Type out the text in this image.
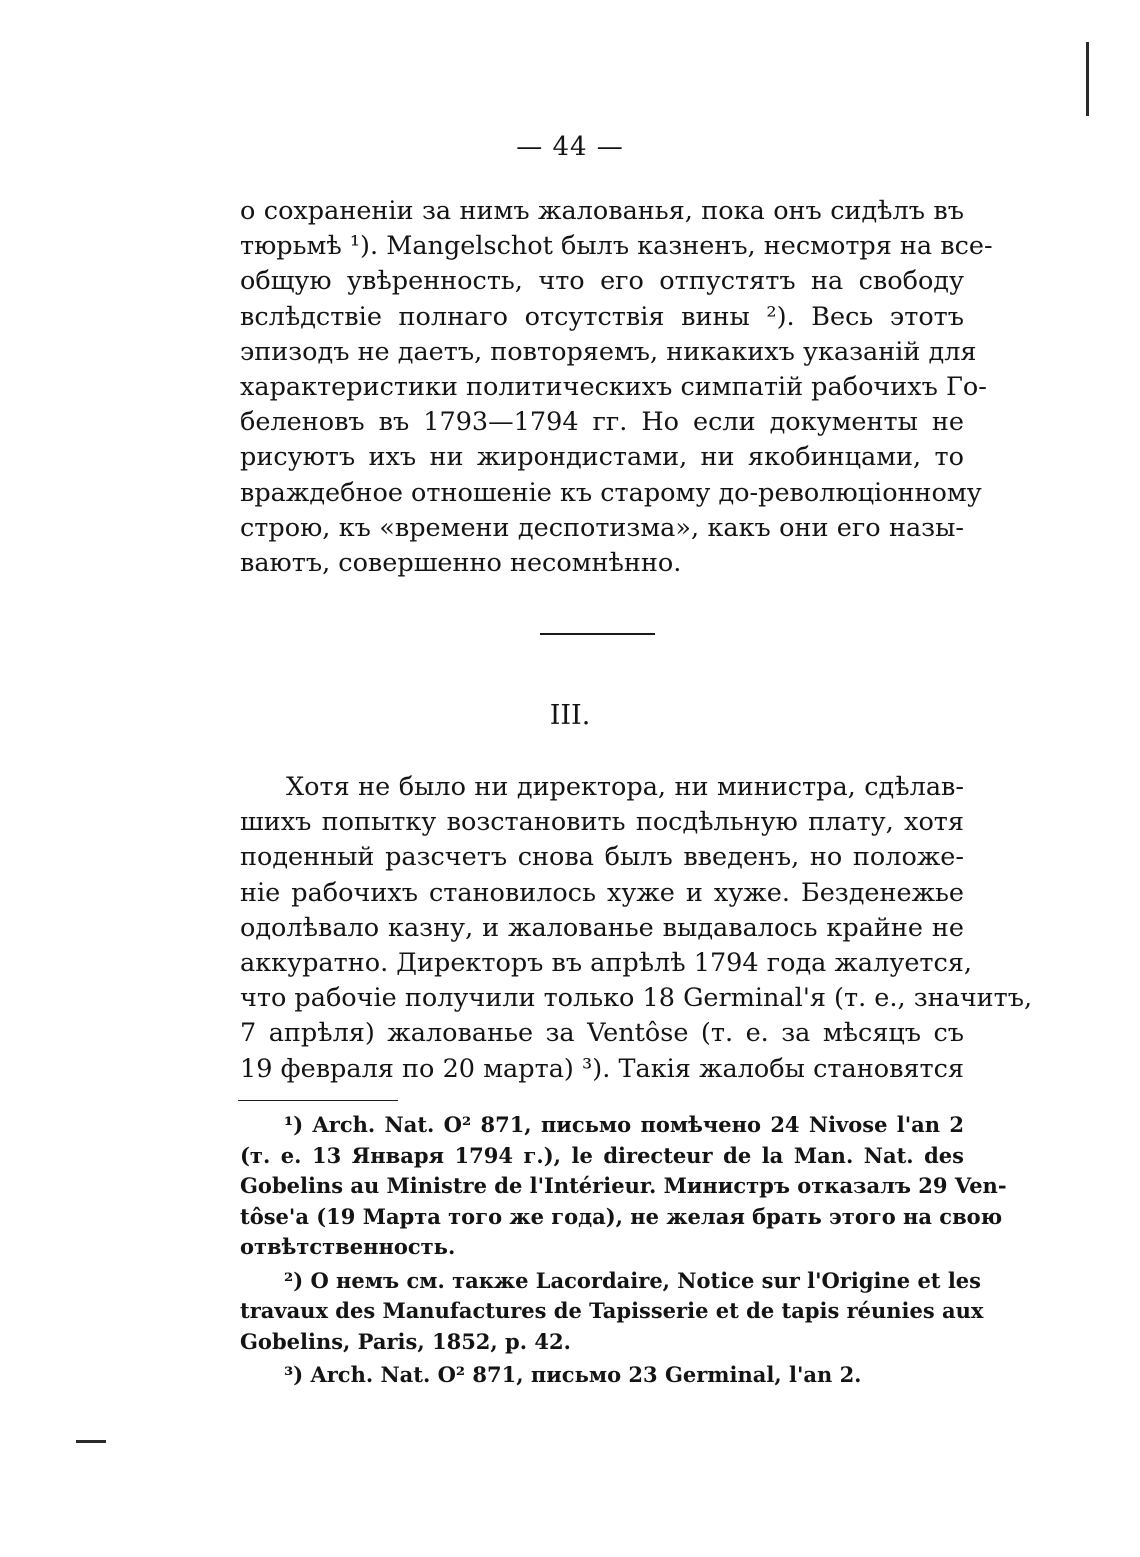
— 44 —
о сохраненіи за нимъ жалованья, пока онъ сидѣлъ въ
тюрьмѣ ¹). Mangelschot былъ казненъ, несмотря на все-
общую увѣренность, что его отпустятъ на свободу
вслѣдствіе полнаго отсутствія вины ²). Весь этотъ
эпизодъ не даетъ, повторяемъ, никакихъ указаній для
характеристики политическихъ симпатій рабочихъ Го-
беленовъ въ 1793—1794 гг. Но если документы не
рисуютъ ихъ ни жирондистами, ни якобинцами, то
враждебное отношеніе къ старому до-революціонному
строю, къ «времени деспотизма», какъ они его назы-
ваютъ, совершенно несомнѣнно.
III.
Хотя не было ни директора, ни министра, сдѣлав-
шихъ попытку возстановить посдѣльную плату, хотя
поденный разсчетъ снова былъ введенъ, но положе-
ніе рабочихъ становилось хуже и хуже. Безденежье
одолѣвало казну, и жалованье выдавалось крайне не
аккуратно. Директоръ въ апрѣлѣ 1794 года жалуется,
что рабочіе получили только 18 Germinal'я (т. е., значитъ,
7 апрѣля) жалованье за Ventôse (т. е. за мѣсяцъ съ
19 февраля по 20 марта) ³). Такія жалобы становятся
¹) Arch. Nat. O² 871, письмо помѣчено 24 Nivose l'an 2
(т. е. 13 Января 1794 г.), le directeur de la Man. Nat. des
Gobelins au Ministre de l'Intérieur. Министръ отказалъ 29 Ven-
tôse'а (19 Марта того же года), не желая брать этого на свою
отвѣтственность.
²) О немъ см. также Lacordaire, Notice sur l'Origine et les
travaux des Manufactures de Tapisserie et de tapis réunies aux
Gobelins, Paris, 1852, p. 42.
³) Arch. Nat. O² 871, письмо 23 Germinal, l'an 2.
